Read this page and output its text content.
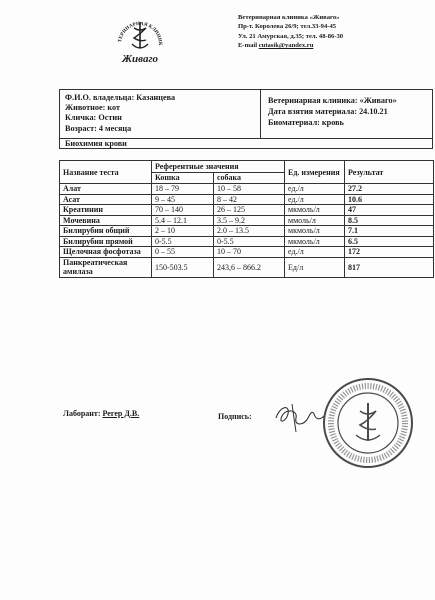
ТЕРИНАРНАЯ КЛИНИК
Живаго
Ветеринарная клиника «Живаго»
Пр-т. Королева 26/9; тел.33-94-45
Ул. 21 Амурская, д.35; тел. 48-86-30
E-mail cutasik@yandex.ru
Ф.И.О. владельца: Казанцева
Животное: кот
Кличка: Остин
Возраст: 4 месяца
Ветеринарная клиника: «Живаго»
Дата взятия материала: 24.10.21
Биоматериал: кровь
Биохимия крови
Название теста	Референтные значения		Ед. измерения	Результат
	Кошка	собака		
Алат	18 – 79	10 – 58	ед./л	27.2
Асат	9 – 45	8 – 42	ед./л	10.6
Креатинин	70 – 140	26 – 125	мкмоль/л	47
Мочевина	5.4 – 12.1	3.5 – 9.2	ммоль/л	8.5
Билирубин общий	2 – 10	2.0 – 13.5	мкмоль/л	7.1
Билирубин прямой	0-5.5	0-5.5	мкмоль/л	6.5
Щелочная фосфотаза	0 – 55	10 – 70	ед./л	172
Панкреатическая амилаза	150-503.5	243,6 – 866.2	Ед/л	817
Лаборант: Регер Д.В.	Подпись:
